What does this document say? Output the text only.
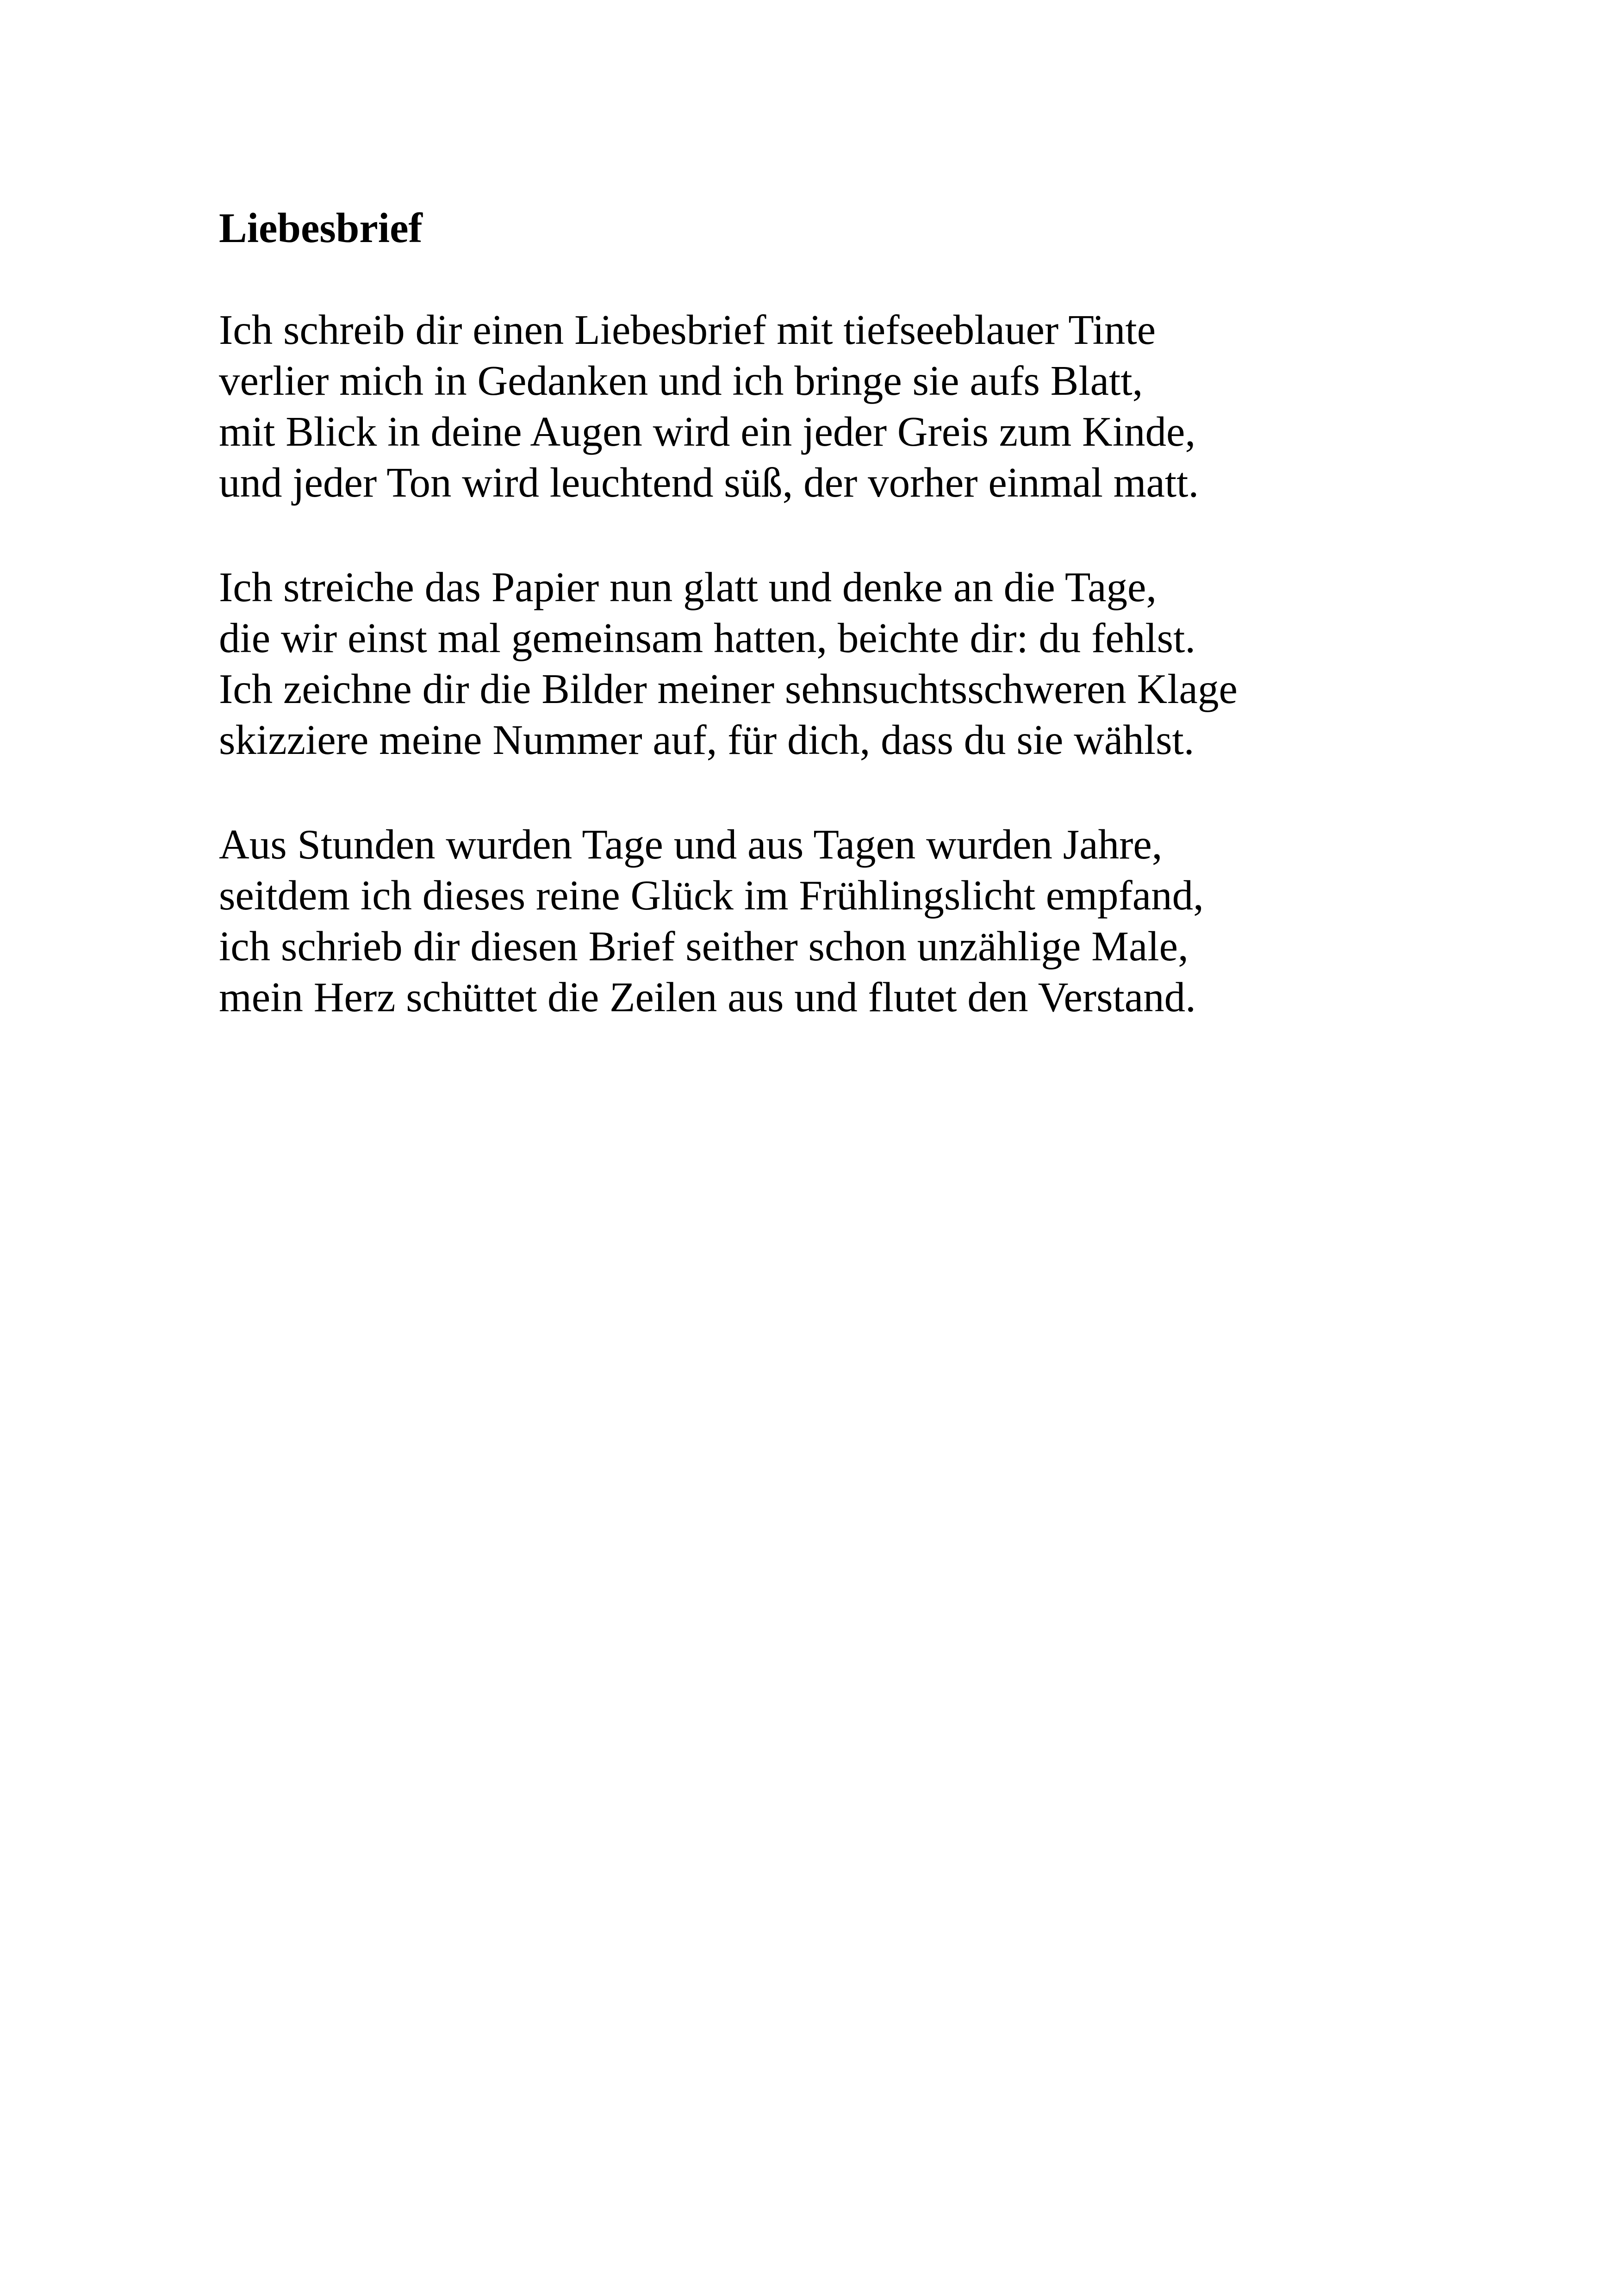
Liebesbrief

Ich schreib dir einen Liebesbrief mit tiefseeblauer Tinte
verlier mich in Gedanken und ich bringe sie aufs Blatt,
mit Blick in deine Augen wird ein jeder Greis zum Kinde,
und jeder Ton wird leuchtend süß, der vorher einmal matt.

Ich streiche das Papier nun glatt und denke an die Tage,
die wir einst mal gemeinsam hatten, beichte dir: du fehlst.
Ich zeichne dir die Bilder meiner sehnsuchtsschweren Klage
skizziere meine Nummer auf, für dich, dass du sie wählst.

Aus Stunden wurden Tage und aus Tagen wurden Jahre,
seitdem ich dieses reine Glück im Frühlingslicht empfand,
ich schrieb dir diesen Brief seither schon unzählige Male,
mein Herz schüttet die Zeilen aus und flutet den Verstand.
